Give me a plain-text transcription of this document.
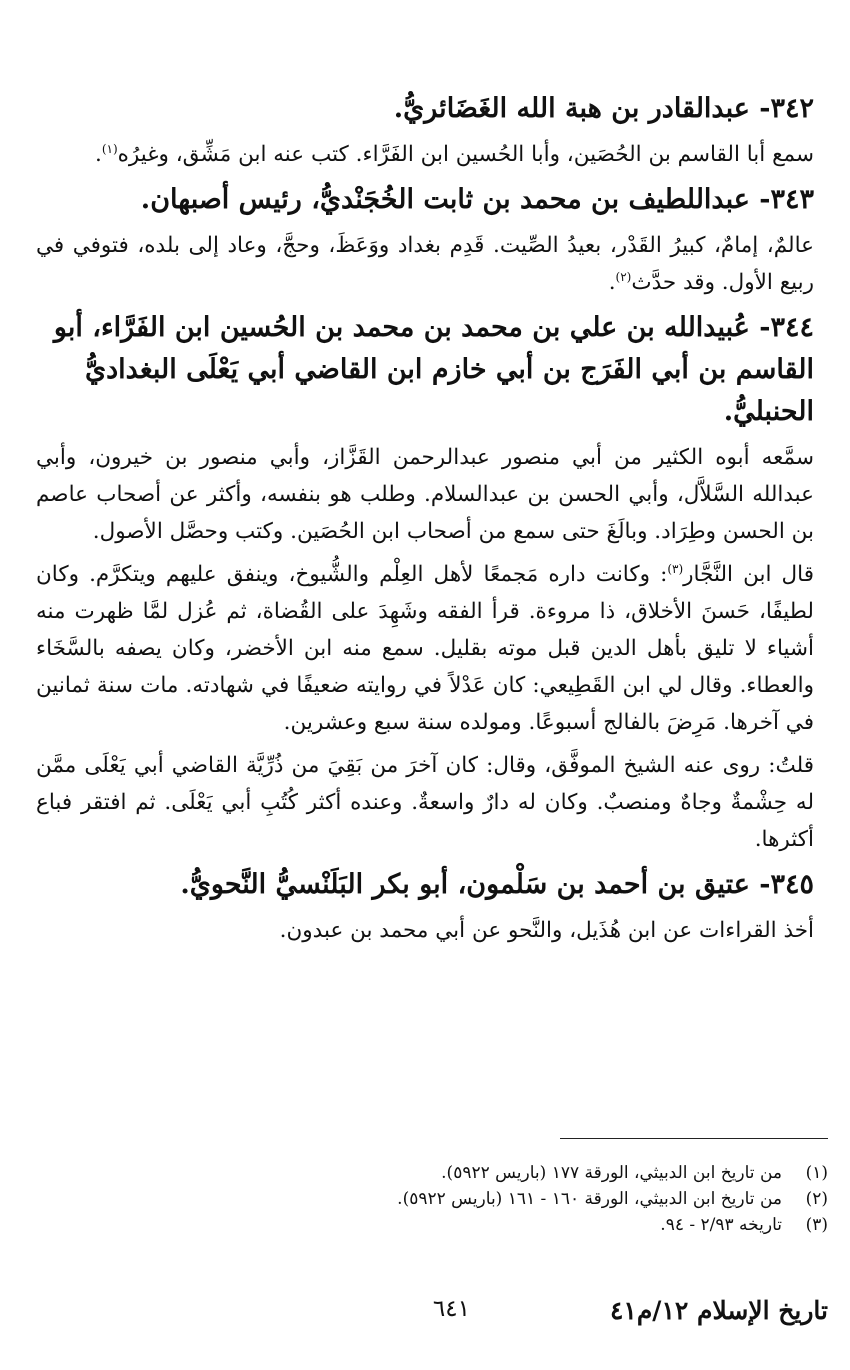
٣٤٢- عبدالقادر بن هبة الله الغَضَائريُّ.

سمع أبا القاسم بن الحُصَين، وأبا الحُسين ابن الفَرَّاء. كتب عنه ابن مَشِّق، وغيرُه$^{(١)}$.

٣٤٣- عبداللطيف بن محمد بن ثابت الخُجَنْديُّ، رئيس أصبهان.

عالمٌ، إمامٌ، كبيرُ القَدْر، بعيدُ الصِّيت. قَدِم بغداد ووَعَظَ، وحجَّ، وعاد إلى بلده، فتوفي في ربيع الأول. وقد حدَّث$^{(٢)}$.

٣٤٤- عُبيدالله بن علي بن محمد بن محمد بن الحُسين ابن الفَرَّاء، أبو القاسم بن أبي الفَرَج بن أبي خازم ابن القاضي أبي يَعْلَى البغداديُّ الحنبليُّ.

سمَّعه أبوه الكثير من أبي منصور عبدالرحمن القَزَّاز، وأبي منصور بن خيرون، وأبي عبدالله السَّلاَّل، وأبي الحسن بن عبدالسلام. وطلب هو بنفسه، وأكثر عن أصحاب عاصم بن الحسن وطِرَاد. وبالَغَ حتى سمع من أصحاب ابن الحُصَين. وكتب وحصَّل الأصول.

قال ابن النَّجَّار$^{(٣)}$: وكانت داره مَجمعًا لأهل العِلْم والشُّيوخ، وينفق عليهم ويتكرَّم. وكان لطيفًا، حَسنَ الأخلاق، ذا مروءة. قرأ الفقه وشَهِدَ على القُضاة، ثم عُزل لمَّا ظهرت منه أشياء لا تليق بأهل الدين قبل موته بقليل. سمع منه ابن الأخضر، وكان يصفه بالسَّخَاء والعطاء. وقال لي ابن القَطِيعي: كان عَدْلاً في روايته ضعيفًا في شهادته. مات سنة ثمانين في آخرها. مَرِضَ بالفالج أسبوعًا. ومولده سنة سبع وعشرين.

قلتُ: روى عنه الشيخ الموفَّق، وقال: كان آخرَ من بَقِيَ من ذُرِّيَّة القاضي أبي يَعْلَى ممَّن له حِشْمةٌ وجاهٌ ومنصبٌ. وكان له دارٌ واسعةٌ. وعنده أكثر كُتُبِ أبي يَعْلَى. ثم افتقر فباع أكثرها.

٣٤٥- عتيق بن أحمد بن سَلْمون، أبو بكر البَلَنْسيُّ النَّحويُّ.

أخذ القراءات عن ابن هُذَيل، والنَّحو عن أبي محمد بن عبدون.

(١)
من تاريخ ابن الدبيثي، الورقة ١٧٧ (باريس ٥٩٢٢).
(٢)
من تاريخ ابن الدبيثي، الورقة ١٦٠ - ١٦١ (باريس ٥٩٢٢).
(٣)
تاريخه ٢/٩٣ - ٩٤.
تاريخ الإسلام ١٢/م٤١
٦٤١
